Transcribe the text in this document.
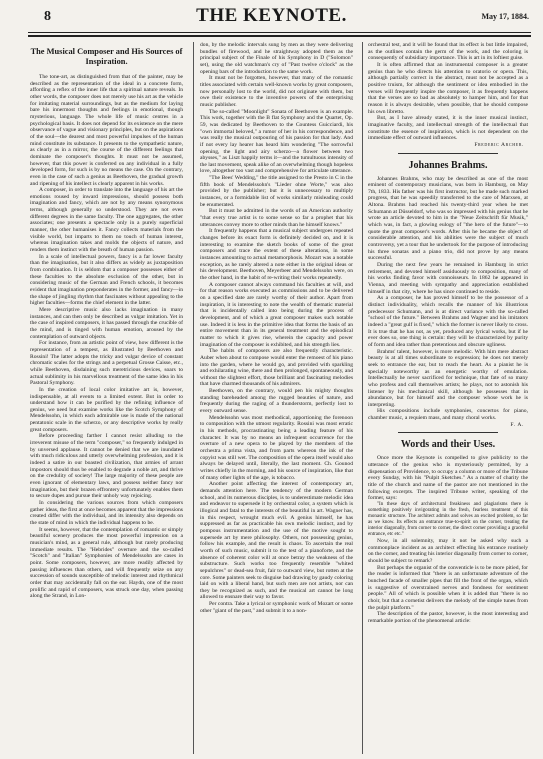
8	THE KEYNOTE.	May 17, 1884.
The Musical Composer and His Sources of Inspiration.

The tone-art, as distinguished from that of the painter, may be described as the representation of the ideal in a concrete form, affording a reflex of the inner life that a spiritual nature reveals. In other words, the composer does not merely use his art as the vehicle for imitating material surroundings, but as the medium for laying bare his innermost thoughts and feelings in emotional, though mysterious, language. The whole life of music centres in a psychological basis. It does not depend for its existence on the mere observance of vague and visionary principles, but on the aspirations of the soul—the dearest and most powerful impulses of the human mind constitute its substance. It presents to the sympathetic nature, as clearly as in a mirror, the course of the different feelings that dominate the composer's thoughts. It must not be assumed, however, that this power is conferred on any individual in a fully developed form, for such is by no means the case. On the contrary, even in the case of such a genius as Beethoven, the gradual growth and ripening of his intellect is clearly apparent in his works.

A composer, in order to translate into the language of his art the emotions roused by inward impressions, should possess both imagination and fancy, which are not by any means synonymous terms, although generally so understood. They are not even different degrees in the same faculty. The one aggregates, the other associates; one presents a spectacle only in a purely superficial manner, the other humanises it. Fancy collects materials from the visible world, but imparts to them no touch of human interest, whereas imagination takes and molds the objects of nature, and renders them instinct with the breath of human passion.

In a scale of intellectual powers, fancy is a far lower faculty than the imagination, but it also differs as widely as juxtaposition from combination. It is seldom that a composer possesses either of these faculties to the absolute exclusion of the other, but in considering music of the German and French schools, it becomes evident that imagination preponderates in the former, and fancy—in the shape of jingling rhythm that fascinates without appealing to the higher faculties—forms the chief element in the latter.

Mere descriptive music also lacks imagination in many instances, and can then only be described as vulgar imitation. Yet in the case of inspired composers, it has passed through the crucible of the mind, and is tinged with human emotion, aroused by the contemplation of outward objects.

For instance, from an artistic point of view, how different is the representation of a tempest, as illustrated by Beethoven and Rossini! The latter adopts the tricky and vulgar device of constant chromatic scales for the strings and a perpetual Grosse Caisse, etc., while Beethoven, disdaining such meretricious devices, soars to actual sublimity in his marvellous treatment of the same idea in his Pastoral Symphony.

In the creation of local color imitative art is, however, indispensable, at all events to a limited extent. But in order to understand how it can be purified by the refining influence of genius, we need but examine works like the Scotch Symphony of Mendelssohn, in which each admirable use is made of the national pentatonic scale in the scherzo, or any descriptive works by really great composers.

Before proceeding farther I cannot resist alluding to the irreverent misuse of the term "composer," so frequently indulged in by unversed applause. It cannot be denied that we are inundated with much ridiculous and utterly overwhelming profession, and it is indeed a satire in our boasted civilization, that armies of arrant impostors should thus be enabled to degrade a noble art, and thrive on the credulity of society! The large majority of these people are even ignorant of elementary laws, and possess neither fancy nor imagination, but their brazen effrontery unfortunately enables them to secure dupes and pursue their unholy way rejoicing.

In considering the various sources from which composers gather ideas, the first at once becomes apparent that the impressions created differ with the individual, and its intensity also depends on the state of mind in which the individual happens to be.

It seems, however, that the contemplation of romantic or simply beautiful scenery produces the most powerful impression on a musician's mind, as a general rule, although but rarely producing immediate results. The "Hebrides" overture and the so-called "Scotch" and "Italian" Symphonies of Mendelssohn are cases in point. Some composers, however, are more readily affected by passing influences than others, and will frequently seize on any succession of sounds susceptible of melodic interest and rhythmical order that may accidentally fall on the ear. Haydn, one of the most prolific and rapid of composers, was struck one day, when passing along the Strand, in Lon-

don, by the melodic intervals sung by men as they were delivering bundles of firewood, and he straightway adopted them as the principal subject of the Finale of his Symphony in D ("Solomon" set), using the old watchman's cry of "Past twelve o'clock" as the opening bars of the introduction to the same work.

It must not be forgotten, however, that many of the romantic titles associated with certain well-known works by great composers, now personally lost to the world, did not originate with them, but owe their existence to the inventive powers of the enterprising music publisher.

The so-called "Moonlight" Sonata of Beethoven is an example. This work, together with the B flat Symphony and the Quartet, Op. 59, was dedicated by Beethoven to the Countess Guicciardi, his "own immortal beloved," a rumor of her in his correspondence, and was really the musical outpouring of his passion for that lady. And if not every lay hearer has heard him wondering "The sorrowful opening, the light and airy scherzo—a flower between two abysses," as Liszt happily terms it—and the tumultuous intensity of the last movement, speak alike of an overwhelming though hopeless love, altogether too vast and comprehensive for articulate utterance.

"The Bees' Wedding," the title assigned to the Presto in C in the fifth book of Mendelssohn's "Lieder ohne Worte," was also provided by the publisher; but it is unnecessary to multiply instances, or a formidable list of works similarly misleading could be enumerated.

But it must be admitted in the words of an American authority "that every true artist is to some sense so far a prophet that his utterances convey more to other minds than he himself knows."

It frequently happens that a musical subject undergoes repeated changes before its exact form is definitely decided on, and it is interesting to examine the sketch books of some of the great composers and trace the extent of these alterations, in some instances amounting to actual metamorphosis. Mozart was a notable exception, as he rarely altered a note either in the original ideas or his development. Beethoven, Meyerbeer and Mendelssohn were, on the other hand, in the habit of re-writing their works repeatedly.

A composer cannot always command his faculties at will, and for that reason works executed as commissions and to be delivered on a specified date are rarely worthy of their author. Apart from inspiration, it is interesting to note the wealth of thematic material that is incidentally called into being during the process of development, and of which a great composer makes such notable use. Indeed it is less in the primitive idea that forms the basis of an entire movement than in its general treatment and the episodical matter to which it gives rise, wherein the capacity and power imagination of the composer is exhibited, and his strength lies.

The habits of composers are also frequently characteristic. Auber when about to compose would enter the remoest of his piano into the garden, where he would go, and provided with sparkling and exhilarating wine, there and then prolonged, spontaneously, and without the slightest effort, those brilliant and fascinating melodies that have charmed thousands of his admirers.

Beethoven, on the contrary, would pen his mighty thoughts standing bareheaded among the rugged beauties of nature, and frequently during the raging of a thunderstorm, perfectly lost to every outward sense.

Mendelssohn was most methodical, apportioning the forenoon to composition with the utmost regularity. Rossini was most erratic in his methods, procrastinating being a leading feature of his character. It was by no means an infrequent occurrence for the overture of a new opera to be played by the members of the orchestra a prima vista, and from parts whereon the ink of the copyist was still wet. The composition of the opera itself would also always be delayed until, literally, the last moment. Ch. Gounod writes chiefly in the morning, and his source of inspiration, like that of many other lights of the age, is tobacco.

Another point affecting the interest of contemporary art, demands attention here. The tendency of the modern German school, and its numerous disciples, is to underestimate melodic idea and endeavor to supersede it by orchestral color, a system which is illogical and fatal to the interests of the beautiful in art. Wagner has, in this respect, wrought much evil. A genius himself, he has suppressed as far as practicable his own melodic instinct, and by pompous instrumentation and the use of the motive sought to supersede art by mere philosophy. Others, not possessing genius, follow his example, and the result is chaos. To ascertain the real worth of such music, submit it to the test of a pianoforte, and the absence of coherent color will at once betray the weakness of the substructure. Such works too frequently resemble "whited sepulchres" or dead-sea fruit, fair to outward view, but rotten at the core. Some painters seek to disguise bad drawing by gaudy coloring laid on with a liberal hand, but such men are not artists, nor can they be recognized as such, and the musical art cannot be long allowed to ensnare their way to favor.

Per contra. Take a lyrical or symphonic work of Mozart or some other "giant of the past," and submit it to a non-

orchestral test, and it will be found that its effect is but little impaired, as the outlines contain the germ of the work, and the coloring is consequently of subsidiary importance. This is art in its loftiest guise.

It is often affirmed that an instrumental composer is a greater genius than he who directs his attention to oratorio or opera. This, although partially correct in the abstract, must not be accepted as a positive truism, for although the sentiment or idea embodied in the verses will frequently inspire the composer, it as frequently happens that the verses are so bad as absolutely to hamper him, and for that reason it is always desirable, when possible, that he should compose his own libretto.

But, as I have already stated, it is the inner musical instinct, imaginative faculty, and intellectual strength of the intellectual that constitute the essence of inspiration, which is not dependent on the immediate effect of outward influences.

Frederic Archer.
Johannes Brahms.

Johannes Brahms, who may be described as one of the most eminent of contemporary musicians, was born in Hamburg, on May 7th, 1833. His father was his first instructor, but he made such marked progress, that he was speedily transferred to the care of Marxsen, at Altona. Brahms had reached his twenty-third year when he met Schumann at Düsseldorf, who was so impressed with his genius that he wrote an article devoted to him in the "Neue Zeitschrift für Musik," which was, in fact, a glowing eulogy of "the hero of the future"—to quote the great composer's words. After this he became the object of considerable attention, and his abilities were the subject of much controversy, yet a tour that he undertook for the purpose of introducing his three sonatas and a piano trio, did not prove by any means successful.

During the next few years he remained in Hamburg in strict retirement, and devoted himself assiduously to composition, many of his works finding favor with connoisseurs. In 1862 he appeared in Vienna, and meeting with sympathy and appreciation established himself in that city, where he has since continued to reside.

As a composer, he has proved himself to be the possessor of a distinct individuality, which recalls the manner of his illustrious predecessor Schumann, and is at direct variance with the so-called "school of the future." Between Brahms and Wagner and his imitators indeed a "great gulf is fixed," which the former is never likely to cross. It is true that he has not, as yet, produced any lyrical works, but if he ever does so, one thing is certain: they will be characterized by purity of form and idea rather than pretentious and obscure ugliness.

Brahms' talent, however, is more melodic. With him mere abstract beauty is at all times subordinate to expression; he does not merely seek to entrance the ear, but to reach the heart. As a pianist he is specially noteworthy as an energetic worthy of emulation. Intellectually he never sacrificed for technique, that fate of so many who profess and call themselves artists; he plays, not to astonish his listener by his mechanical skill, although he possesses that in abundance, but for himself and the composer whose work he is interpreting.

His compositions include symphonies, concertos for piano, chamber music, a requiem mass, and many choral works.

F. A.
Words and their Uses.

Once more the Keynote is compelled to give publicity to the utterance of the genius who is mysteriously permitted, by a dispensation of Providence, to occupy a column or more of the Tribune every Sunday, with his "Pulpit Sketches." As a matter of charity the title of the church and name of the pastor are not mentioned in the following excerpts. The inspired Tribune writer, speaking of the former, says:

"In these days of architectural freakiness and plagiarisms there is something positively invigorating in the fresh, fearless treatment of this monastic structure. The architect admits and solves an excited problem, so far as we know. Its effects an entrance true-to-spirit on the corner, treating the interior diagonally, from corner to corner, the direct corner providing a graceful entrance, etc etc."

Now, in all solemnity, may it not be asked why such a commonplace incident as an architect effecting his entrance routinely on the corner, and treating his interior diagonally from corner to corner, should be subject to remark?

But perhaps the organist of the conventicle is to be more pitied, for the reader is informed that "there is an unfortunate adventure of the bunched facade of smaller pipes that fill the front of the organ, which is suggestive of overstrained nerves and fondness for sentiment people." All of which is possible when it is added that "there is no choir, but that a cornetist delivers the melody of the simple tunes from the pulpit platform."

The description of the pastor, however, is the most interesting and remarkable portion of the phenomenal article:
